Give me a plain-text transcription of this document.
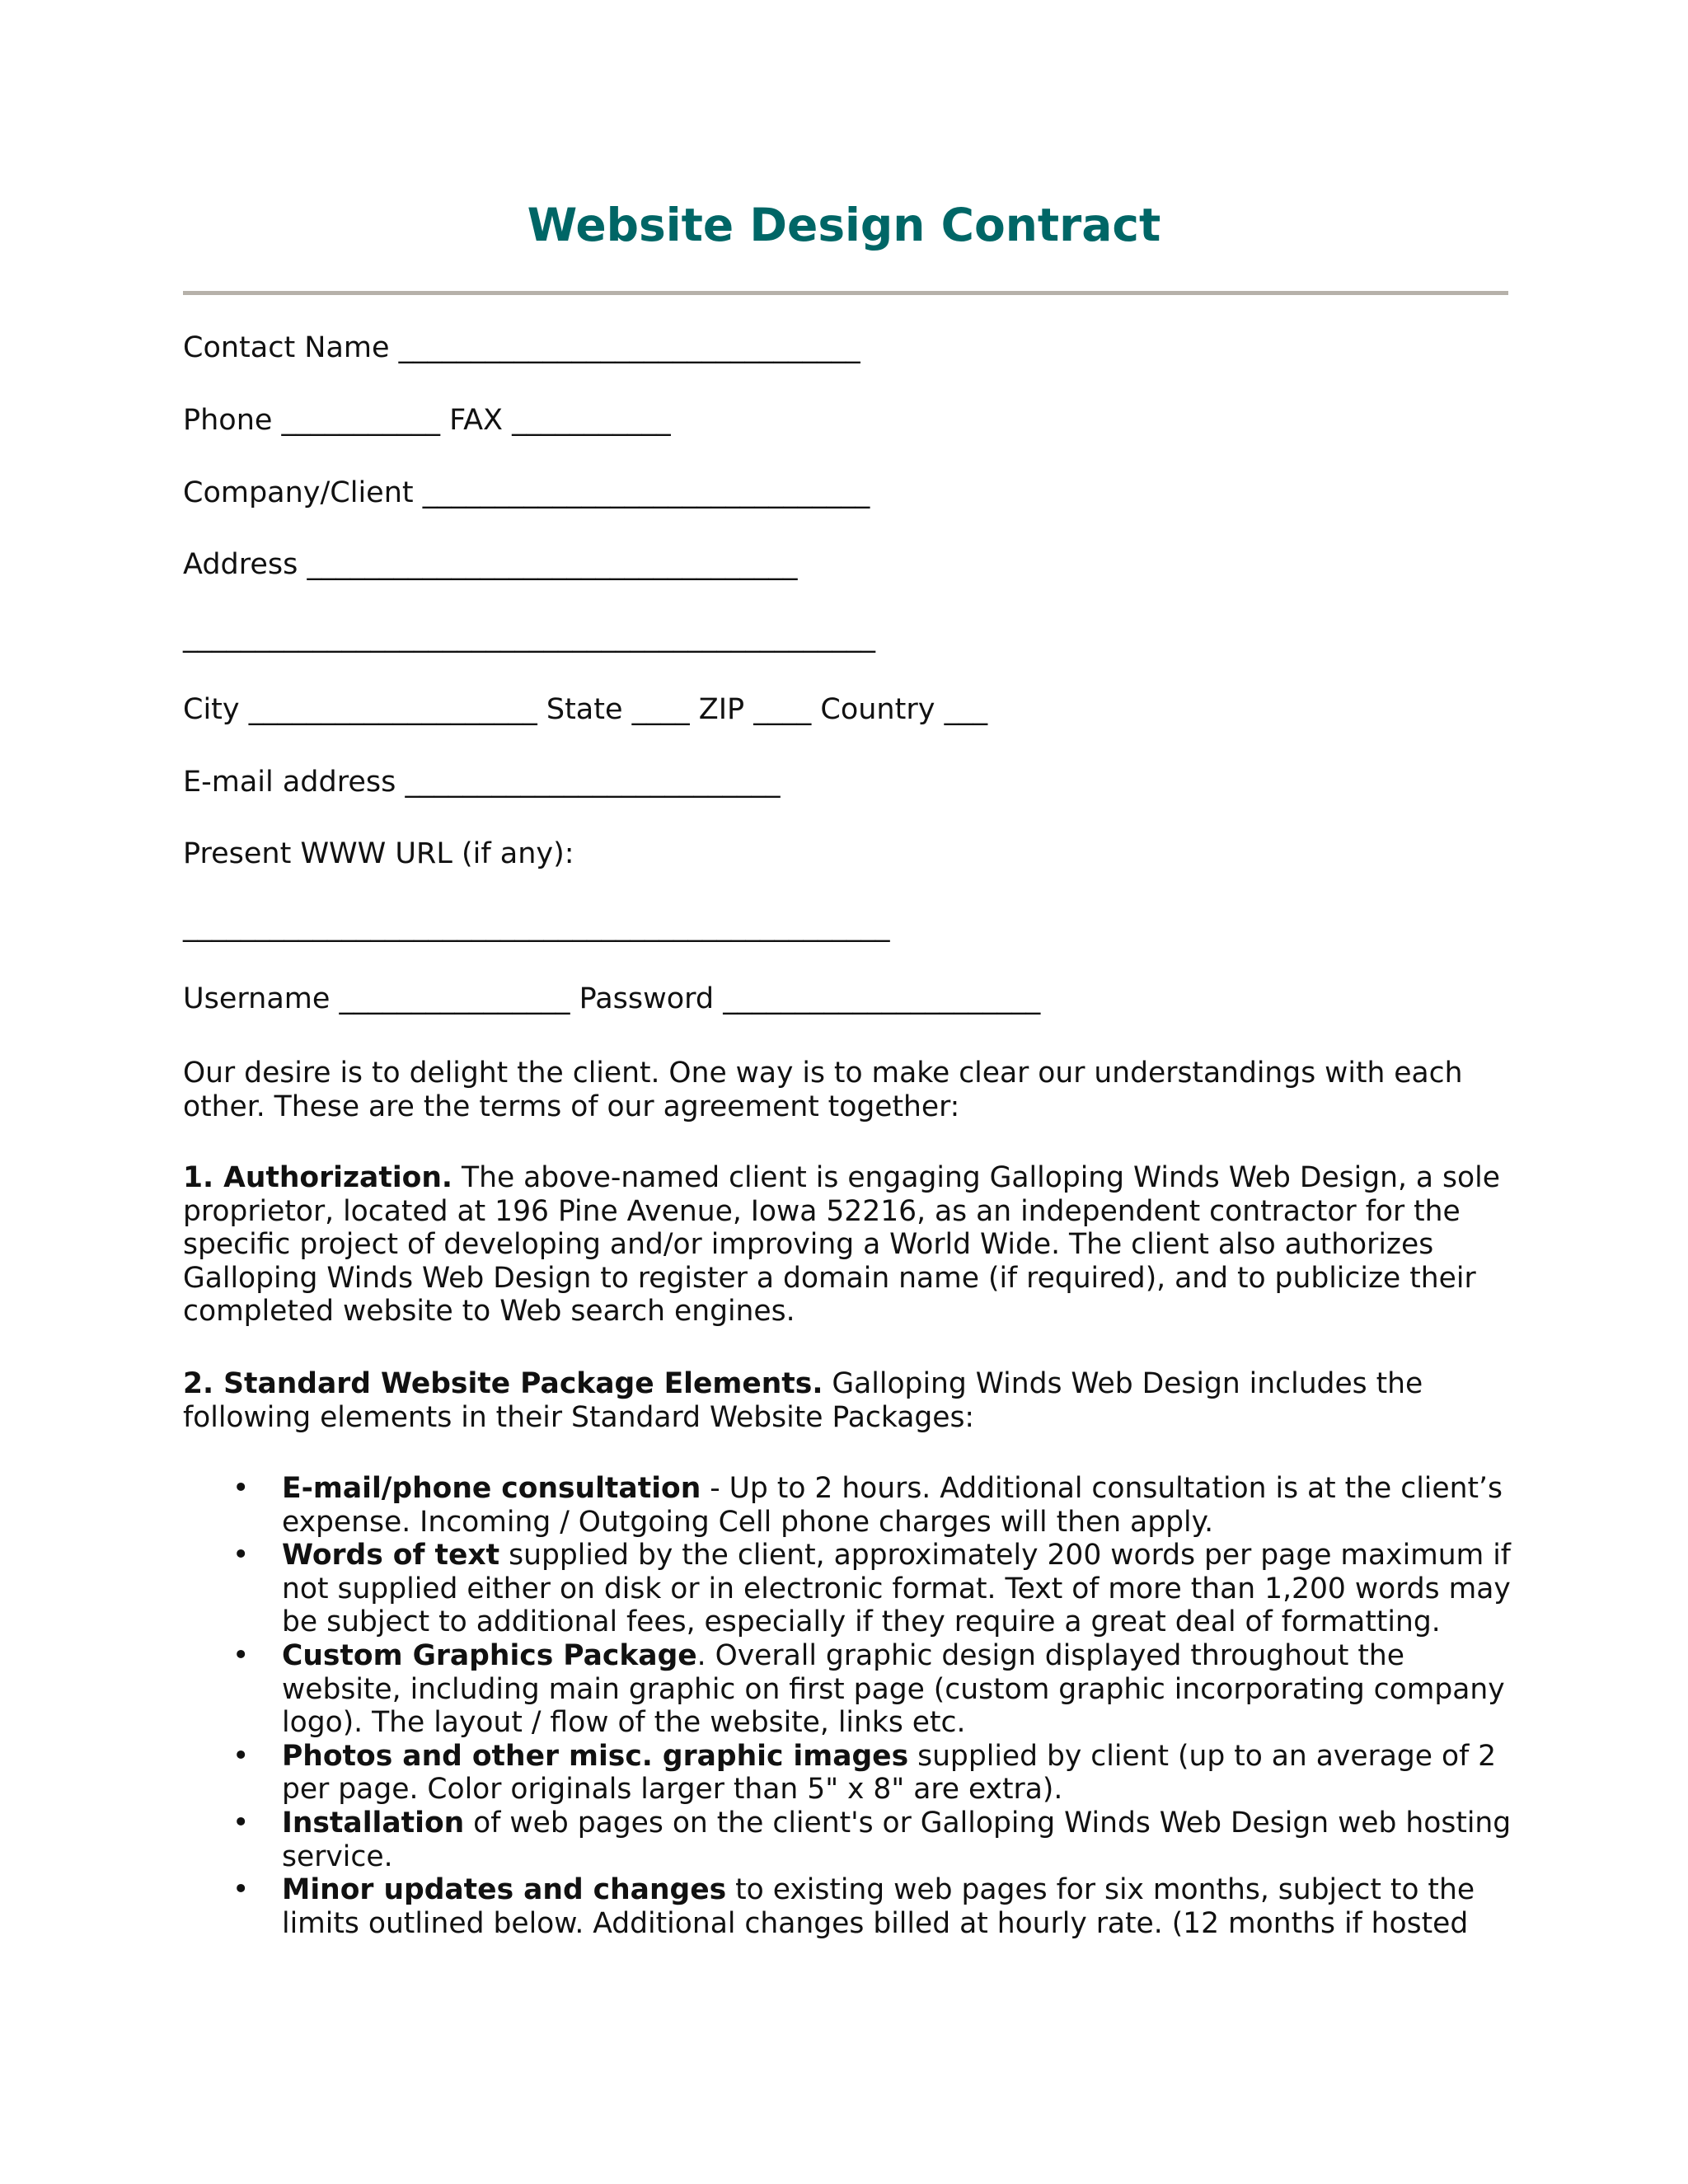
Website Design Contract

Contact Name ________________________________

Phone ___________ FAX ___________

Company/Client _______________________________

Address __________________________________

________________________________________________

City ____________________ State ____ ZIP ____ Country ___

E-mail address __________________________

Present WWW URL (if any):

_________________________________________________

Username ________________ Password ______________________

Our desire is to delight the client. One way is to make clear our understandings with each other. These are the terms of our agreement together:

1. Authorization. The above-named client is engaging Galloping Winds Web Design, a sole proprietor, located at 196 Pine Avenue, Iowa 52216, as an independent contractor for the specific project of developing and/or improving a World Wide. The client also authorizes Galloping Winds Web Design to register a domain name (if required), and to publicize their completed website to Web search engines.

2. Standard Website Package Elements. Galloping Winds Web Design includes the following elements in their Standard Website Packages:

• E-mail/phone consultation - Up to 2 hours. Additional consultation is at the client’s expense. Incoming / Outgoing Cell phone charges will then apply.
• Words of text supplied by the client, approximately 200 words per page maximum if not supplied either on disk or in electronic format. Text of more than 1,200 words may be subject to additional fees, especially if they require a great deal of formatting.
• Custom Graphics Package. Overall graphic design displayed throughout the website, including main graphic on first page (custom graphic incorporating company logo). The layout / flow of the website, links etc.
• Photos and other misc. graphic images supplied by client (up to an average of 2 per page. Color originals larger than 5" x 8" are extra).
• Installation of web pages on the client's or Galloping Winds Web Design web hosting service.
• Minor updates and changes to existing web pages for six months, subject to the limits outlined below. Additional changes billed at hourly rate. (12 months if hosted
